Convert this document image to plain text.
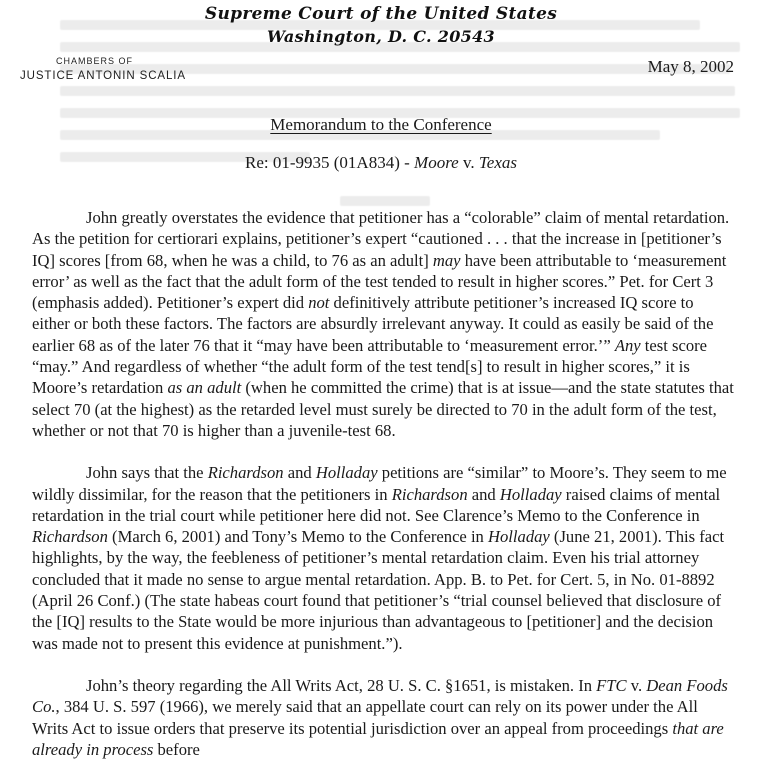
Supreme Court of the United States
Washington, D. C. 20543
CHAMBERS OF
JUSTICE ANTONIN SCALIA	May 8, 2002
Memorandum to the Conference
Re: 01-9935 (01A834) - Moore v. Texas

John greatly overstates the evidence that petitioner has a “colorable” claim of mental retardation. As the petition for certiorari explains, petitioner’s expert “cautioned . . . that the increase in [petitioner’s IQ] scores [from 68, when he was a child, to 76 as an adult] may have been attributable to ‘measurement error’ as well as the fact that the adult form of the test tended to result in higher scores.” Pet. for Cert 3 (emphasis added). Petitioner’s expert did not definitively attribute petitioner’s increased IQ score to either or both these factors. The factors are absurdly irrelevant anyway. It could as easily be said of the earlier 68 as of the later 76 that it “may have been attributable to ‘measurement error.’” Any test score “may.” And regardless of whether “the adult form of the test tend[s] to result in higher scores,” it is Moore’s retardation as an adult (when he committed the crime) that is at issue—and the state statutes that select 70 (at the highest) as the retarded level must surely be directed to 70 in the adult form of the test, whether or not that 70 is higher than a juvenile-test 68.

John says that the Richardson and Holladay petitions are “similar” to Moore’s. They seem to me wildly dissimilar, for the reason that the petitioners in Richardson and Holladay raised claims of mental retardation in the trial court while petitioner here did not. See Clarence’s Memo to the Conference in Richardson (March 6, 2001) and Tony’s Memo to the Conference in Holladay (June 21, 2001). This fact highlights, by the way, the feebleness of petitioner’s mental retardation claim. Even his trial attorney concluded that it made no sense to argue mental retardation. App. B. to Pet. for Cert. 5, in No. 01-8892 (April 26 Conf.) (The state habeas court found that petitioner’s “trial counsel believed that disclosure of the [IQ] results to the State would be more injurious than advantageous to [petitioner] and the decision was made not to present this evidence at punishment.”).

John’s theory regarding the All Writs Act, 28 U. S. C. §1651, is mistaken. In FTC v. Dean Foods Co., 384 U. S. 597 (1966), we merely said that an appellate court can rely on its power under the All Writs Act to issue orders that preserve its potential jurisdiction over an appeal from proceedings that are already in process before
